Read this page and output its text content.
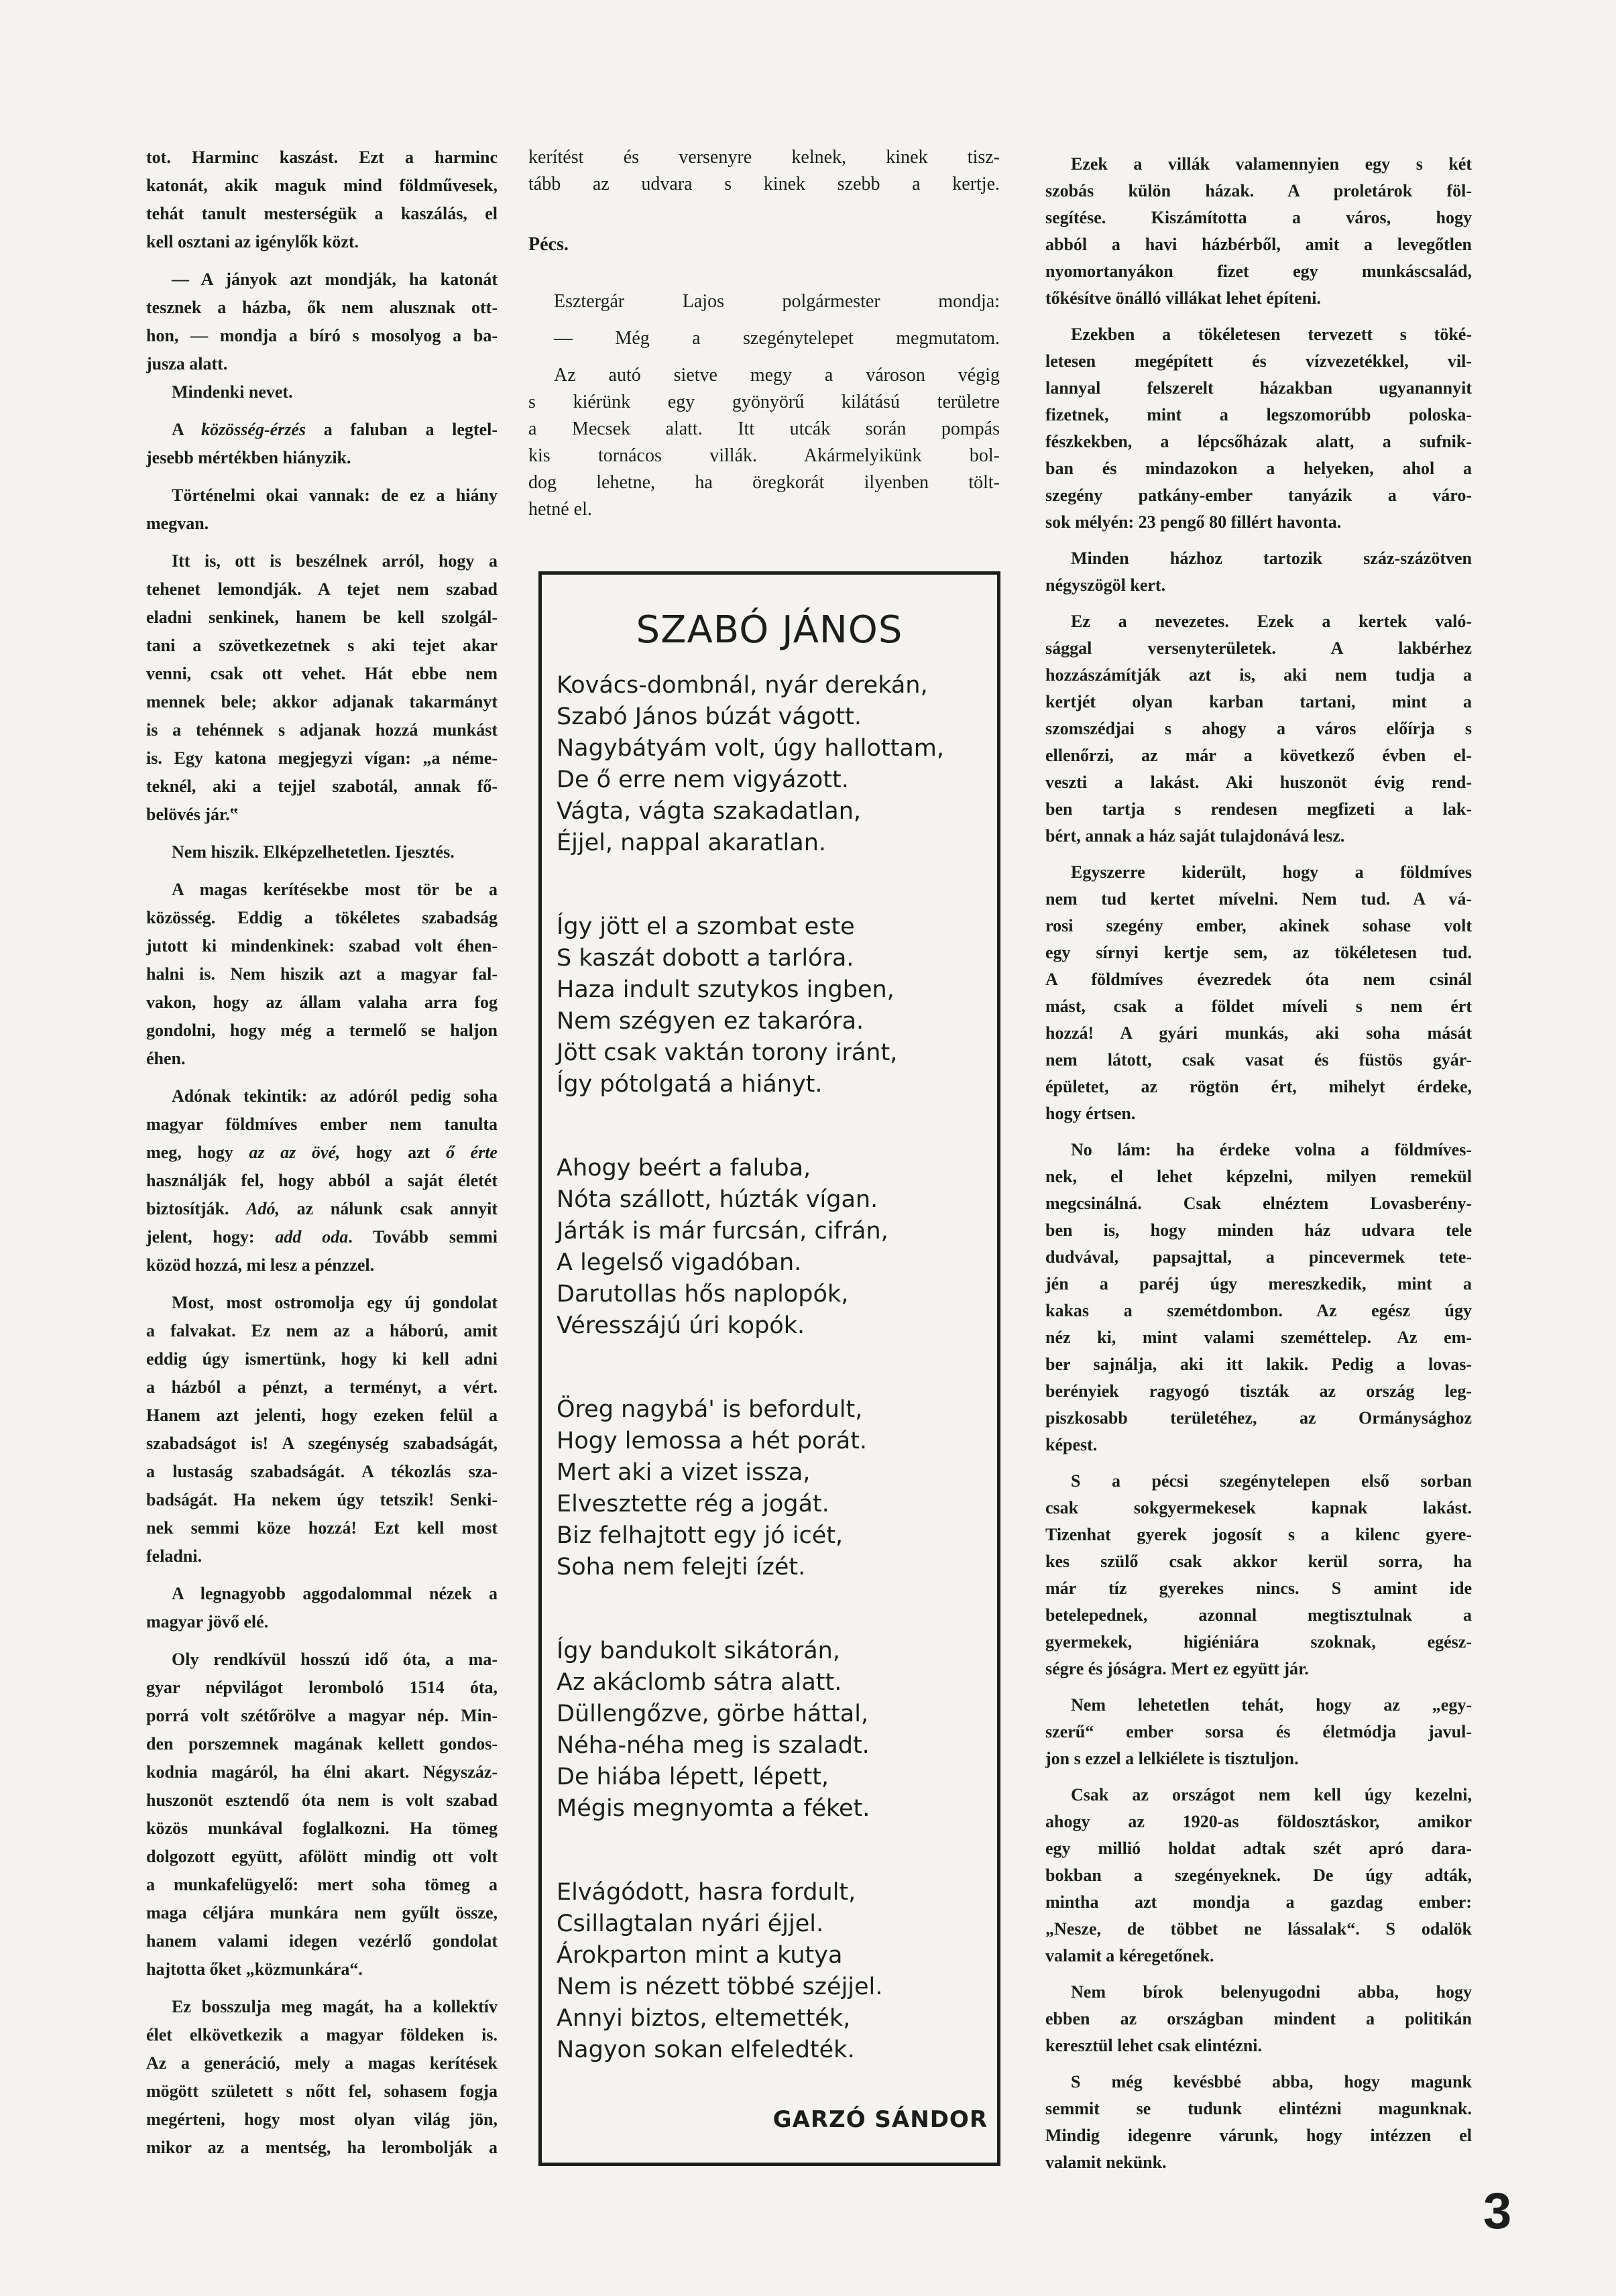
tot. Harminc kaszást. Ezt a harminc
katonát, akik maguk mind földművesek,
tehát tanult mesterségük a kaszálás, el
kell osztani az igénylők közt.
— A jányok azt mondják, ha katonát
tesznek a házba, ők nem alusznak ott-
hon, — mondja a bíró s mosolyog a ba-
jusza alatt.
Mindenki nevet.
A közösség-érzés a faluban a legtel-
jesebb mértékben hiányzik.
Történelmi okai vannak: de ez a hiány
megvan.
Itt is, ott is beszélnek arról, hogy a
tehenet lemondják. A tejet nem szabad
eladni senkinek, hanem be kell szolgál-
tani a szövetkezetnek s aki tejet akar
venni, csak ott vehet. Hát ebbe nem
mennek bele; akkor adjanak takarmányt
is a tehénnek s adjanak hozzá munkást
is. Egy katona megjegyzi vígan: „a néme-
teknél, aki a tejjel szabotál, annak fő-
belövés jár.‟
Nem hiszik. Elképzelhetetlen. Ijesztés.
A magas kerítésekbe most tör be a
közösség. Eddig a tökéletes szabadság
jutott ki mindenkinek: szabad volt éhen-
halni is. Nem hiszik azt a magyar fal-
vakon, hogy az állam valaha arra fog
gondolni, hogy még a termelő se haljon
éhen.
Adónak tekintik: az adóról pedig soha
magyar földmíves ember nem tanulta
meg, hogy az az övé, hogy azt ő érte
használják fel, hogy abból a saját életét
biztosítják. Adó, az nálunk csak annyit
jelent, hogy: add oda. Tovább semmi
közöd hozzá, mi lesz a pénzzel.
Most, most ostromolja egy új gondolat
a falvakat. Ez nem az a háború, amit
eddig úgy ismertünk, hogy ki kell adni
a házból a pénzt, a terményt, a vért.
Hanem azt jelenti, hogy ezeken felül a
szabadságot is! A szegénység szabadságát,
a lustaság szabadságát. A tékozlás sza-
badságát. Ha nekem úgy tetszik! Senki-
nek semmi köze hozzá! Ezt kell most
feladni.
A legnagyobb aggodalommal nézek a
magyar jövő elé.
Oly rendkívül hosszú idő óta, a ma-
gyar népvilágot leromboló 1514 óta,
porrá volt szétőrölve a magyar nép. Min-
den porszemnek magának kellett gondos-
kodnia magáról, ha élni akart. Négyszáz-
huszonöt esztendő óta nem is volt szabad
közös munkával foglalkozni. Ha tömeg
dolgozott együtt, afölött mindig ott volt
a munkafelügyelő: mert soha tömeg a
maga céljára munkára nem gyűlt össze,
hanem valami idegen vezérlő gondolat
hajtotta őket „közmunkára“.
Ez bosszulja meg magát, ha a kollektív
élet elkövetkezik a magyar földeken is.
Az a generáció, mely a magas kerítések
mögött született s nőtt fel, sohasem fogja
megérteni, hogy most olyan világ jön,
mikor az a mentség, ha lerombolják a
kerítést és versenyre kelnek, kinek tisz-
tább az udvara s kinek szebb a kertje.
Pécs.
Esztergár Lajos polgármester mondja:
— Még a szegénytelepet megmutatom.
Az autó sietve megy a városon végig
s kiérünk egy gyönyörű kilátású területre
a Mecsek alatt. Itt utcák során pompás
kis tornácos villák. Akármelyikünk bol-
dog lehetne, ha öregkorát ilyenben tölt-
hetné el.
SZABÓ JÁNOS
Kovács-dombnál, nyár derekán,
Szabó János búzát vágott.
Nagybátyám volt, úgy hallottam,
De ő erre nem vigyázott.
Vágta, vágta szakadatlan,
Éjjel, nappal akaratlan.
Így jött el a szombat este
S kaszát dobott a tarlóra.
Haza indult szutykos ingben,
Nem szégyen ez takaróra.
Jött csak vaktán torony iránt,
Így pótolgatá a hiányt.
Ahogy beért a faluba,
Nóta szállott, húzták vígan.
Járták is már furcsán, cifrán,
A legelső vigadóban.
Darutollas hős naplopók,
Véresszájú úri kopók.
Öreg nagybá' is befordult,
Hogy lemossa a hét porát.
Mert aki a vizet issza,
Elvesztette rég a jogát.
Biz felhajtott egy jó icét,
Soha nem felejti ízét.
Így bandukolt sikátorán,
Az akáclomb sátra alatt.
Düllengőzve, görbe háttal,
Néha-néha meg is szaladt.
De hiába lépett, lépett,
Mégis megnyomta a féket.
Elvágódott, hasra fordult,
Csillagtalan nyári éjjel.
Árokparton mint a kutya
Nem is nézett többé széjjel.
Annyi biztos, eltemették,
Nagyon sokan elfeledték.
GARZÓ SÁNDOR
Ezek a villák valamennyien egy s két
szobás külön házak. A proletárok föl-
segítése. Kiszámította a város, hogy
abból a havi házbérből, amit a levegőtlen
nyomortanyákon fizet egy munkáscsalád,
tőkésítve önálló villákat lehet építeni.
Ezekben a tökéletesen tervezett s töké-
letesen megépített és vízvezetékkel, vil-
lannyal felszerelt házakban ugyanannyit
fizetnek, mint a legszomorúbb poloska-
fészkekben, a lépcsőházak alatt, a sufnik-
ban és mindazokon a helyeken, ahol a
szegény patkány-ember tanyázik a váro-
sok mélyén: 23 pengő 80 fillért havonta.
Minden házhoz tartozik száz-százötven
négyszögöl kert.
Ez a nevezetes. Ezek a kertek való-
sággal versenyterületek. A lakbérhez
hozzászámítják azt is, aki nem tudja a
kertjét olyan karban tartani, mint a
szomszédjai s ahogy a város előírja s
ellenőrzi, az már a következő évben el-
veszti a lakást. Aki huszonöt évig rend-
ben tartja s rendesen megfizeti a lak-
bért, annak a ház saját tulajdonává lesz.
Egyszerre kiderült, hogy a földmíves
nem tud kertet mívelni. Nem tud. A vá-
rosi szegény ember, akinek sohase volt
egy sírnyi kertje sem, az tökéletesen tud.
A földmíves évezredek óta nem csinál
mást, csak a földet míveli s nem ért
hozzá! A gyári munkás, aki soha mását
nem látott, csak vasat és füstös gyár-
épületet, az rögtön ért, mihelyt érdeke,
hogy értsen.
No lám: ha érdeke volna a földmíves-
nek, el lehet képzelni, milyen remekül
megcsinálná. Csak elnéztem Lovasberény-
ben is, hogy minden ház udvara tele
dudvával, papsajttal, a pincevermek tete-
jén a paréj úgy mereszkedik, mint a
kakas a szemétdombon. Az egész úgy
néz ki, mint valami szeméttelep. Az em-
ber sajnálja, aki itt lakik. Pedig a lovas-
berényiek ragyogó tiszták az ország leg-
piszkosabb területéhez, az Ormánysághoz
képest.
S a pécsi szegénytelepen első sorban
csak sokgyermekesek kapnak lakást.
Tizenhat gyerek jogosít s a kilenc gyere-
kes szülő csak akkor kerül sorra, ha
már tíz gyerekes nincs. S amint ide
betelepednek, azonnal megtisztulnak a
gyermekek, higiéniára szoknak, egész-
ségre és jóságra. Mert ez együtt jár.
Nem lehetetlen tehát, hogy az „egy-
szerű“ ember sorsa és életmódja javul-
jon s ezzel a lelkiélete is tisztuljon.
Csak az országot nem kell úgy kezelni,
ahogy az 1920-as földosztáskor, amikor
egy millió holdat adtak szét apró dara-
bokban a szegényeknek. De úgy adták,
mintha azt mondja a gazdag ember:
„Nesze, de többet ne lássalak“. S odalök
valamit a kéregetőnek.
Nem bírok belenyugodni abba, hogy
ebben az országban mindent a politikán
keresztül lehet csak elintézni.
S még kevésbbé abba, hogy magunk
semmit se tudunk elintézni magunknak.
Mindig idegenre várunk, hogy intézzen el
valamit nekünk.
3
